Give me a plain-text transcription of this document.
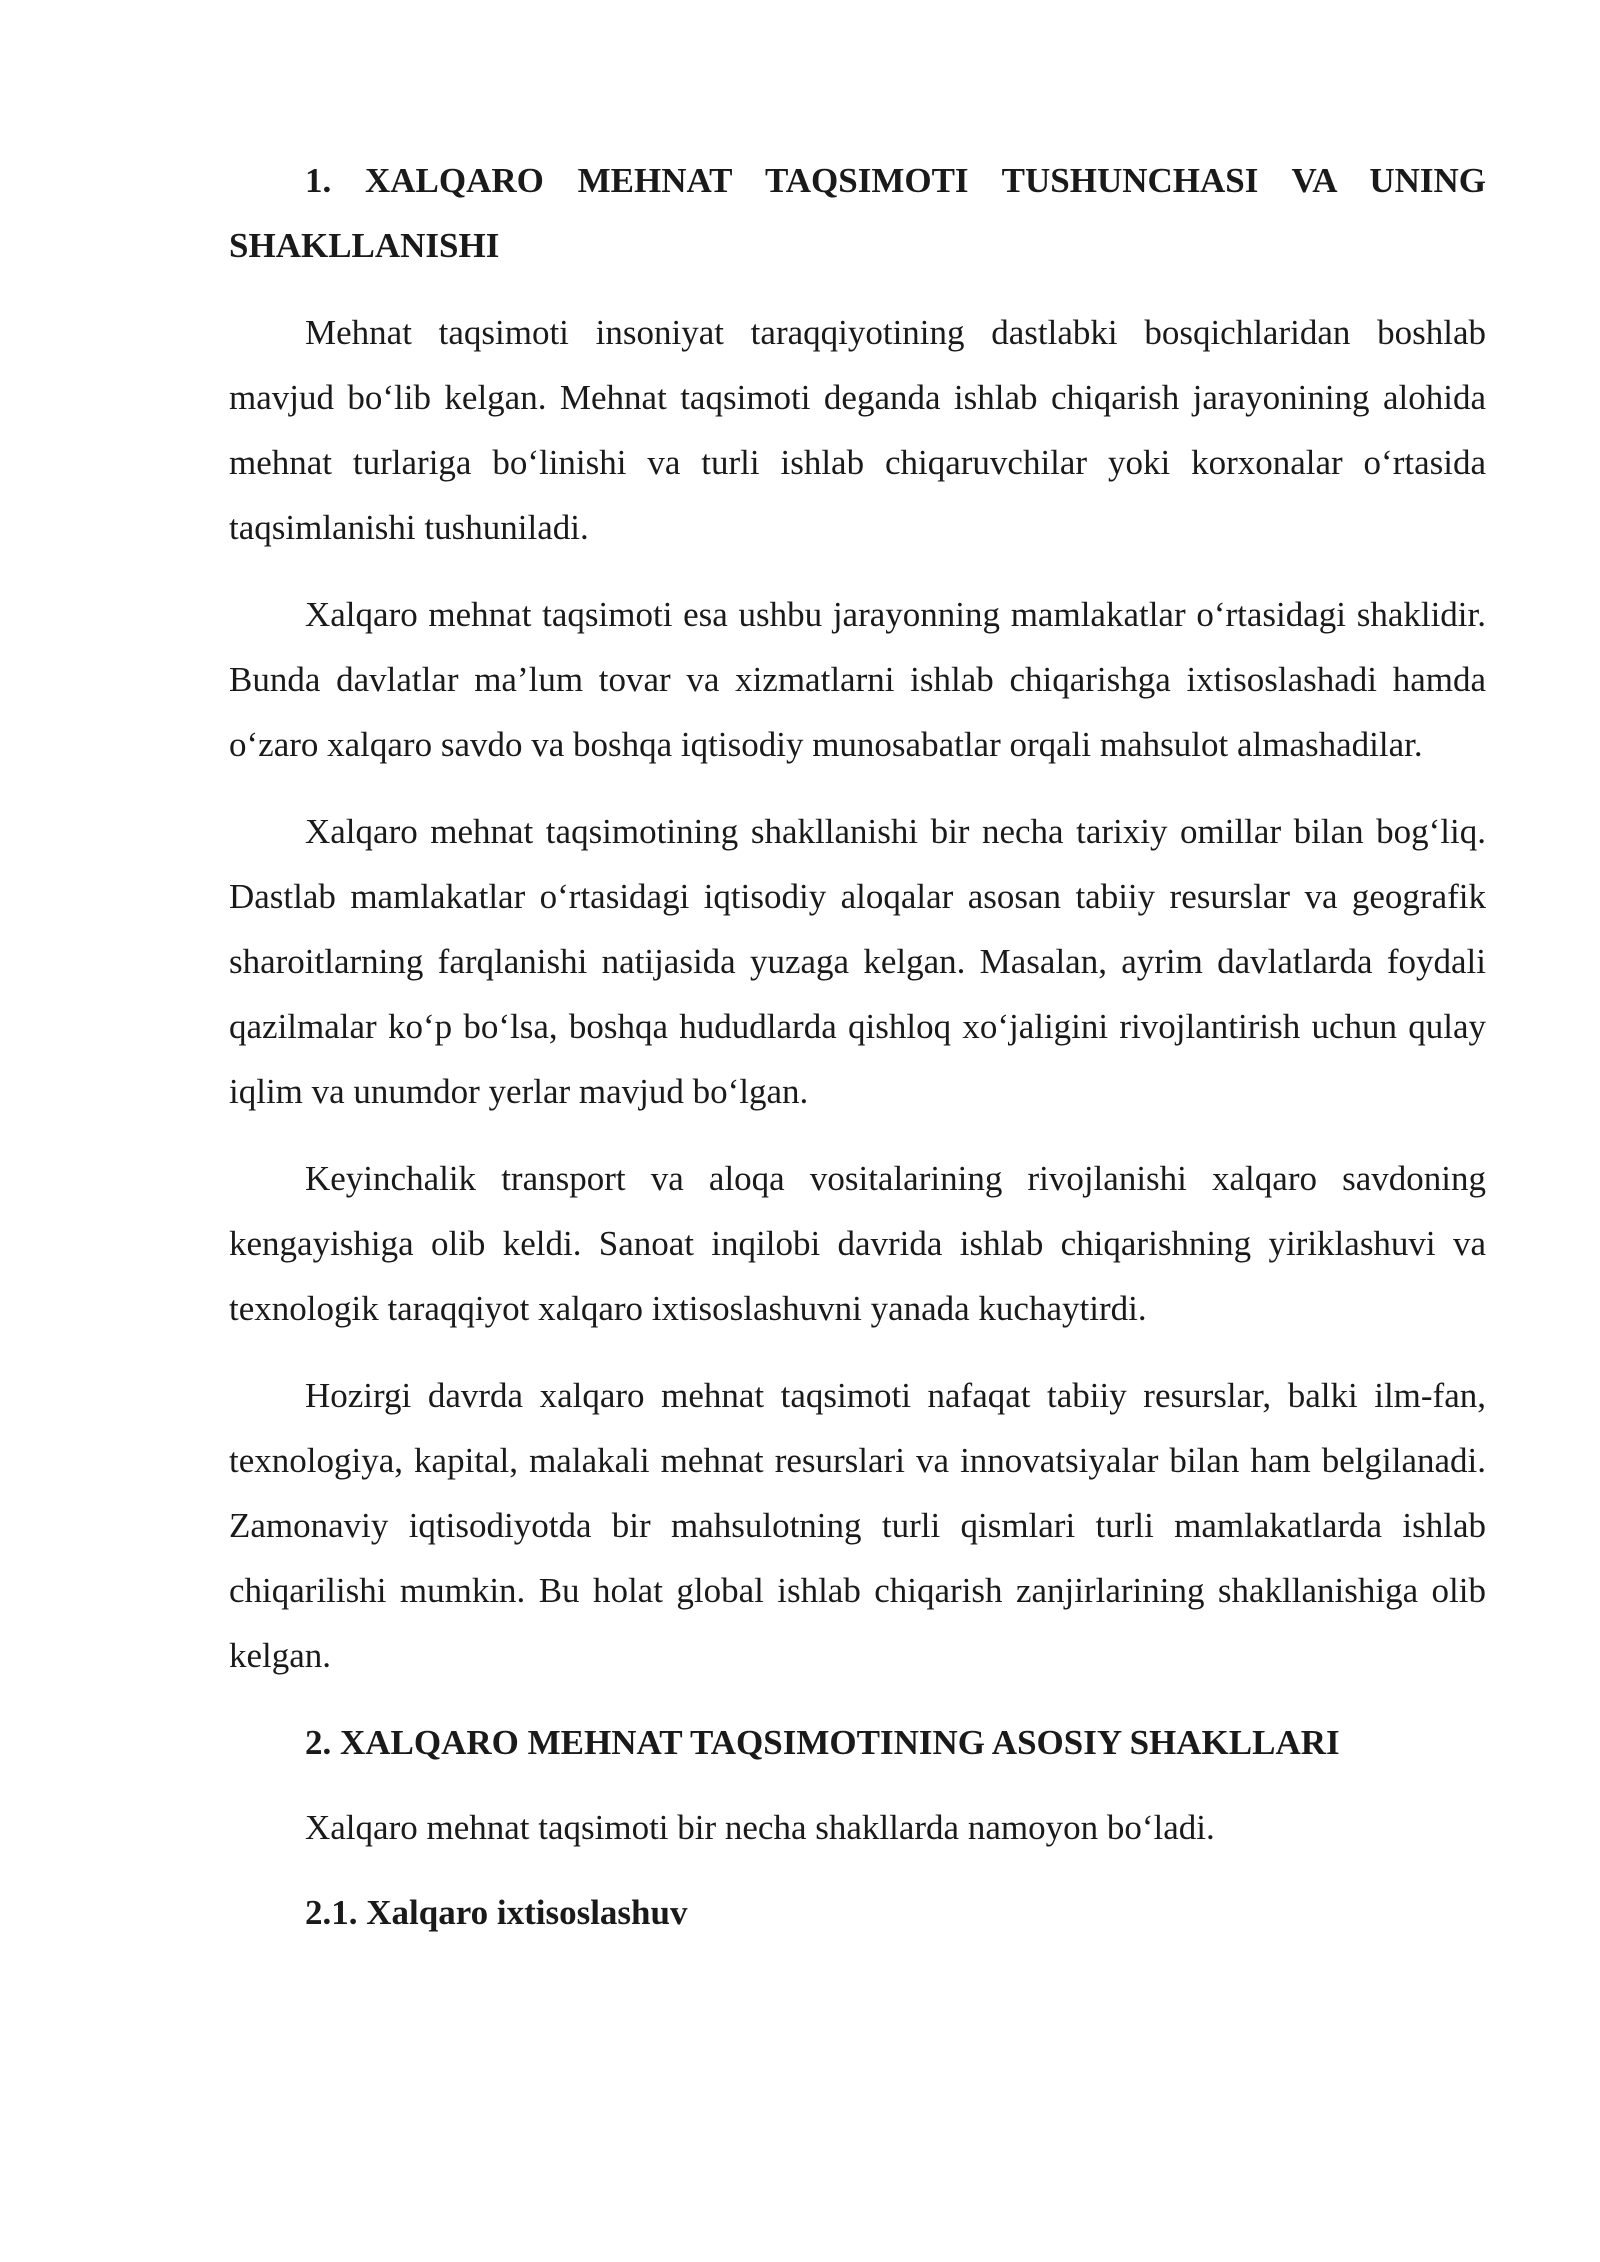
1. XALQARO MEHNAT TAQSIMOTI TUSHUNCHASI VA UNING SHAKLLANISHI

Mehnat taqsimoti insoniyat taraqqiyotining dastlabki bosqichlaridan boshlab mavjud bo‘lib kelgan. Mehnat taqsimoti deganda ishlab chiqarish jarayonining alohida mehnat turlariga bo‘linishi va turli ishlab chiqaruvchilar yoki korxonalar o‘rtasida taqsimlanishi tushuniladi.

Xalqaro mehnat taqsimoti esa ushbu jarayonning mamlakatlar o‘rtasidagi shaklidir. Bunda davlatlar ma’lum tovar va xizmatlarni ishlab chiqarishga ixtisoslashadi hamda o‘zaro xalqaro savdo va boshqa iqtisodiy munosabatlar orqali mahsulot almashadilar.

Xalqaro mehnat taqsimotining shakllanishi bir necha tarixiy omillar bilan bog‘liq. Dastlab mamlakatlar o‘rtasidagi iqtisodiy aloqalar asosan tabiiy resurslar va geografik sharoitlarning farqlanishi natijasida yuzaga kelgan. Masalan, ayrim davlatlarda foydali qazilmalar ko‘p bo‘lsa, boshqa hududlarda qishloq xo‘jaligini rivojlantirish uchun qulay iqlim va unumdor yerlar mavjud bo‘lgan.

Keyinchalik transport va aloqa vositalarining rivojlanishi xalqaro savdoning kengayishiga olib keldi. Sanoat inqilobi davrida ishlab chiqarishning yiriklashuvi va texnologik taraqqiyot xalqaro ixtisoslashuvni yanada kuchaytirdi.

Hozirgi davrda xalqaro mehnat taqsimoti nafaqat tabiiy resurslar, balki ilm-fan, texnologiya, kapital, malakali mehnat resurslari va innovatsiyalar bilan ham belgilanadi. Zamonaviy iqtisodiyotda bir mahsulotning turli qismlari turli mamlakatlarda ishlab chiqarilishi mumkin. Bu holat global ishlab chiqarish zanjirlarining shakllanishiga olib kelgan.

2. XALQARO MEHNAT TAQSIMOTINING ASOSIY SHAKLLARI

Xalqaro mehnat taqsimoti bir necha shakllarda namoyon bo‘ladi.

2.1. Xalqaro ixtisoslashuv
